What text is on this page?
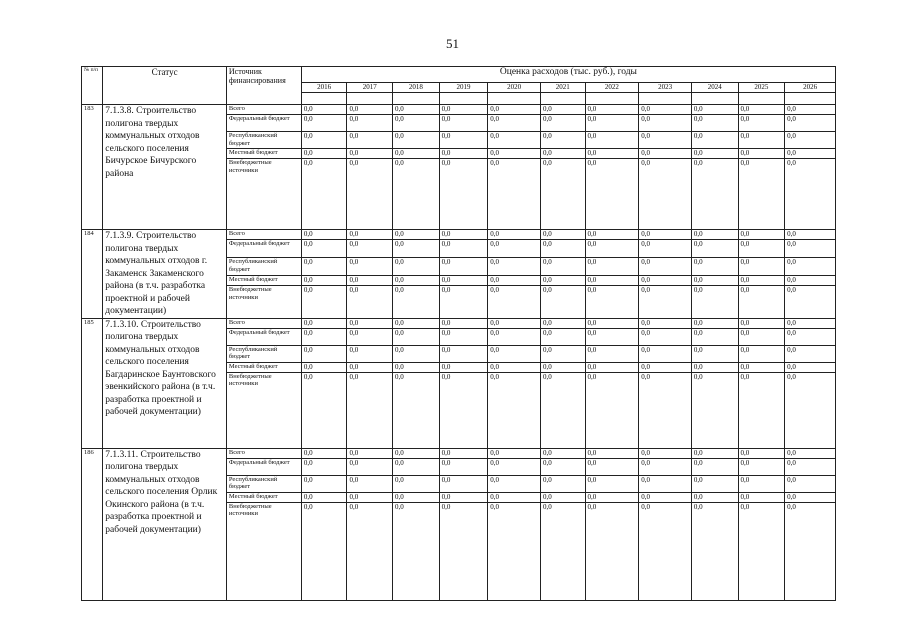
51
№ п/п	Статус	Источник финансирования	Оценка расходов (тыс. руб.), годы										
			2016	2017	2018	2019	2020	2021	2022	2023	2024	2025	2026

183	7.1.3.8. Строительство полигона твердых коммунальных отходов сельского поселения Бичурское Бичурского района	Всего	0,0	0,0	0,0	0,0	0,0	0,0	0,0	0,0	0,0	0,0	0,0
		Федеральный бюджет	0,0	0,0	0,0	0,0	0,0	0,0	0,0	0,0	0,0	0,0	0,0
		Республиканский бюджет	0,0	0,0	0,0	0,0	0,0	0,0	0,0	0,0	0,0	0,0	0,0
		Местный бюджет	0,0	0,0	0,0	0,0	0,0	0,0	0,0	0,0	0,0	0,0	0,0
		Внебюджетные источники	0,0	0,0	0,0	0,0	0,0	0,0	0,0	0,0	0,0	0,0	0,0
184	7.1.3.9. Строительство полигона твердых коммунальных отходов г. Закаменск Закаменского района (в т.ч. разработка проектной и рабочей документации)	Всего	0,0	0,0	0,0	0,0	0,0	0,0	0,0	0,0	0,0	0,0	0,0
		Федеральный бюджет	0,0	0,0	0,0	0,0	0,0	0,0	0,0	0,0	0,0	0,0	0,0
		Республиканский бюджет	0,0	0,0	0,0	0,0	0,0	0,0	0,0	0,0	0,0	0,0	0,0
		Местный бюджет	0,0	0,0	0,0	0,0	0,0	0,0	0,0	0,0	0,0	0,0	0,0
		Внебюджетные источники	0,0	0,0	0,0	0,0	0,0	0,0	0,0	0,0	0,0	0,0	0,0
185	7.1.3.10. Строительство полигона твердых коммунальных отходов сельского поселения Багдаринское Баунтовского эвенкийского района (в т.ч. разработка проектной и рабочей документации)	Всего	0,0	0,0	0,0	0,0	0,0	0,0	0,0	0,0	0,0	0,0	0,0
		Федеральный бюджет	0,0	0,0	0,0	0,0	0,0	0,0	0,0	0,0	0,0	0,0	0,0
		Республиканский бюджет	0,0	0,0	0,0	0,0	0,0	0,0	0,0	0,0	0,0	0,0	0,0
		Местный бюджет	0,0	0,0	0,0	0,0	0,0	0,0	0,0	0,0	0,0	0,0	0,0
		Внебюджетные источники	0,0	0,0	0,0	0,0	0,0	0,0	0,0	0,0	0,0	0,0	0,0
186	7.1.3.11. Строительство полигона твердых коммунальных отходов сельского поселения Орлик Окинского района (в т.ч. разработка проектной и рабочей документации)	Всего	0,0	0,0	0,0	0,0	0,0	0,0	0,0	0,0	0,0	0,0	0,0
		Федеральный бюджет	0,0	0,0	0,0	0,0	0,0	0,0	0,0	0,0	0,0	0,0	0,0
		Республиканский бюджет	0,0	0,0	0,0	0,0	0,0	0,0	0,0	0,0	0,0	0,0	0,0
		Местный бюджет	0,0	0,0	0,0	0,0	0,0	0,0	0,0	0,0	0,0	0,0	0,0
		Внебюджетные источники	0,0	0,0	0,0	0,0	0,0	0,0	0,0	0,0	0,0	0,0	0,0
